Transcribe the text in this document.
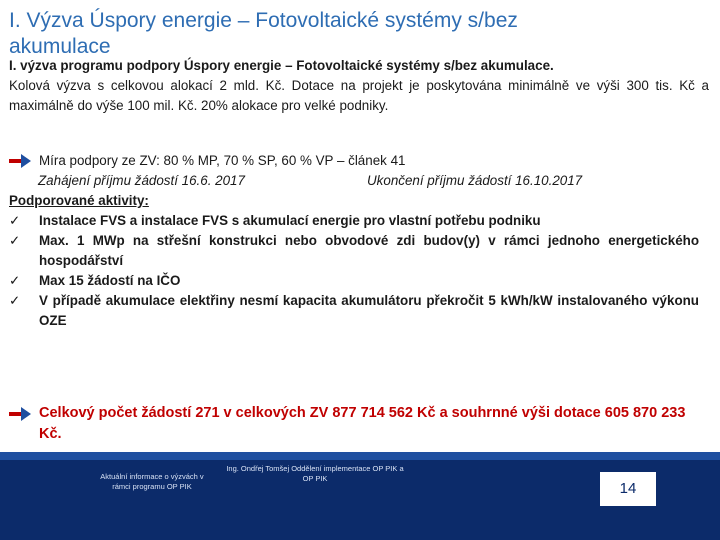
I. Výzva Úspory energie – Fotovoltaické systémy s/bez
akumulace

I. výzva programu podpory Úspory energie – Fotovoltaické systémy s/bez akumulace.

Kolová výzva s celkovou alokací 2 mld. Kč. Dotace na projekt je poskytována minimálně ve výši 300 tis. Kč a maximálně do výše 100 mil. Kč. 20% alokace pro velké podniky.

Míra podpory ze ZV: 80 % MP, 70 % SP, 60 % VP – článek 41
Zahájení příjmu žádostí 16.6. 2017	Ukončení příjmu žádostí 16.10.2017
Podporované aktivity:
✓ Instalace FVS a instalace FVS s akumulací energie pro vlastní potřebu podniku
✓ Max. 1 MWp na střešní konstrukci nebo obvodové zdi budov(y) v rámci jednoho energetického hospodářství
✓ Max 15 žádostí na IČO
✓ V případě akumulace elektřiny nesmí kapacita akumulátoru překročit 5 kWh/kW instalovaného výkonu OZE
Celkový počet žádostí 271 v celkových ZV 877 714 562 Kč a souhrnné výši dotace 605 870 233 Kč.
Aktuální informace o výzvách v rámci programu OP PIK
Ing. Ondřej Tomšej Oddělení implementace OP PIK a OP PIK
14
